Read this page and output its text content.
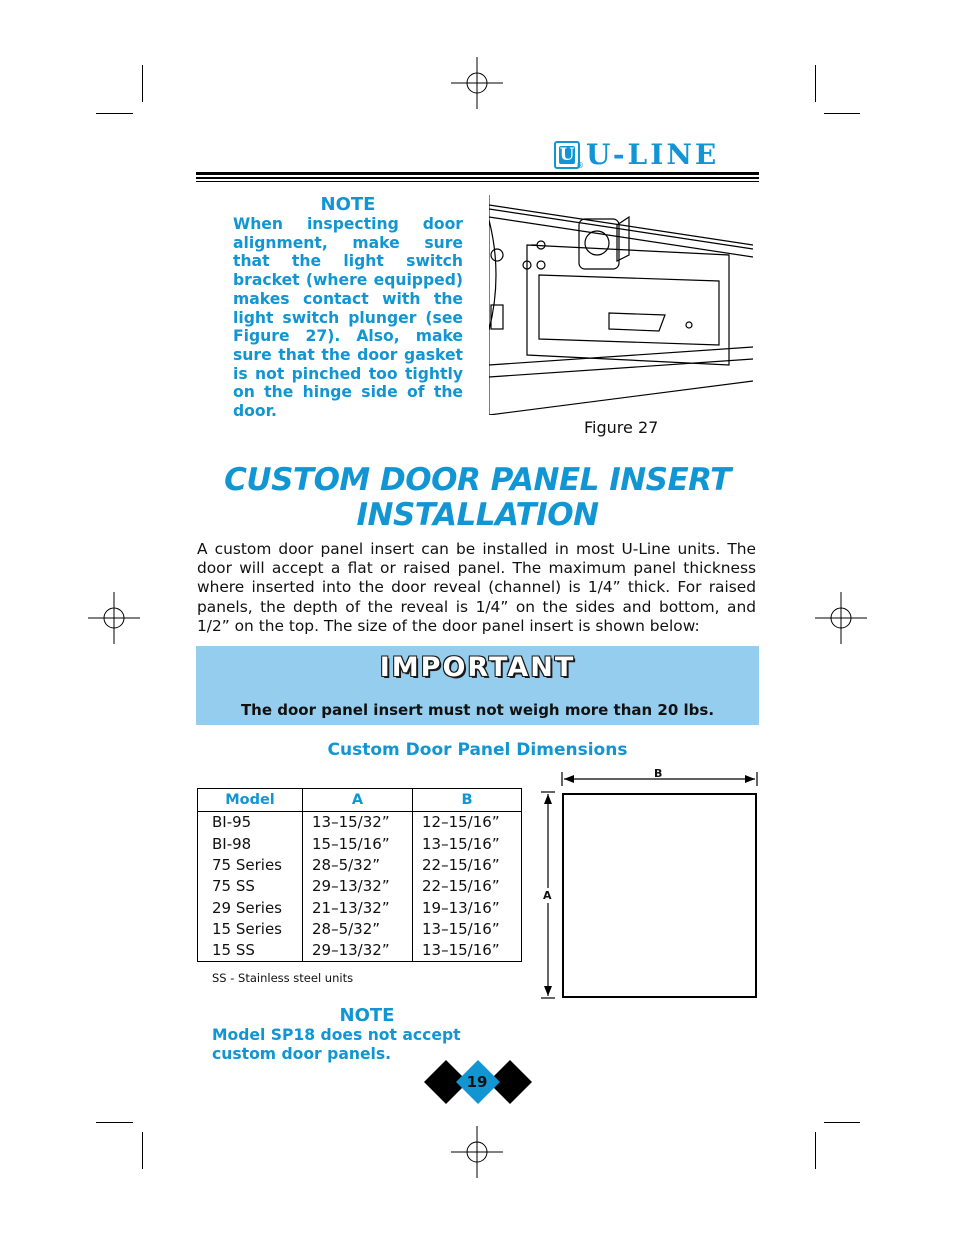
U U-LINE
®
NOTE
When inspecting door alignment, make sure that the light switch bracket (where equipped) makes contact with the light switch plunger (see Figure 27). Also, make sure that the door gasket is not pinched too tightly on the hinge side of the door.
Figure 27
CUSTOM DOOR PANEL INSERT INSTALLATION
A custom door panel insert can be installed in most U-Line units. The door will accept a flat or raised panel. The maximum panel thickness where inserted into the door reveal (channel) is 1/4” thick. For raised panels, the depth of the reveal is 1/4” on the sides and bottom, and 1/2” on the top. The size of the door panel insert is shown below:
IMPORTANT
The door panel insert must not weigh more than 20 lbs.
Custom Door Panel Dimensions
Model	A	B
BI-95	13–15/32”	12–15/16”
BI-98	15–15/16”	13–15/16”
75 Series	28–5/32”	22–15/16”
75 SS	29–13/32”	22–15/16”
29 Series	21–13/32”	19–13/16”
15 Series	28–5/32”	13–15/16”
15 SS	29–13/32”	13–15/16”
SS - Stainless steel units
B
A
NOTE
Model SP18 does not accept custom door panels.
19
